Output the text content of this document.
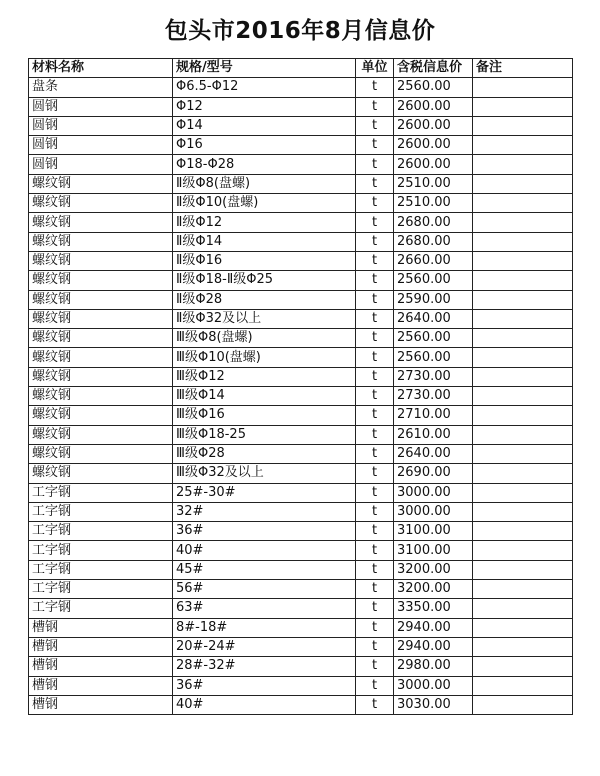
包头市2016年8月信息价
材料名称	规格/型号	单位	含税信息价	备注
盘条	Φ6.5-Φ12	t	2560.00	
圆钢	Φ12	t	2600.00	
圆钢	Φ14	t	2600.00	
圆钢	Φ16	t	2600.00	
圆钢	Φ18-Φ28	t	2600.00	
螺纹钢	Ⅱ级Φ8(盘螺)	t	2510.00	
螺纹钢	Ⅱ级Φ10(盘螺)	t	2510.00	
螺纹钢	Ⅱ级Φ12	t	2680.00	
螺纹钢	Ⅱ级Φ14	t	2680.00	
螺纹钢	Ⅱ级Φ16	t	2660.00	
螺纹钢	Ⅱ级Φ18-Ⅱ级Φ25	t	2560.00	
螺纹钢	Ⅱ级Φ28	t	2590.00	
螺纹钢	Ⅱ级Φ32及以上	t	2640.00	
螺纹钢	Ⅲ级Φ8(盘螺)	t	2560.00	
螺纹钢	Ⅲ级Φ10(盘螺)	t	2560.00	
螺纹钢	Ⅲ级Φ12	t	2730.00	
螺纹钢	Ⅲ级Φ14	t	2730.00	
螺纹钢	Ⅲ级Φ16	t	2710.00	
螺纹钢	Ⅲ级Φ18-25	t	2610.00	
螺纹钢	Ⅲ级Φ28	t	2640.00	
螺纹钢	Ⅲ级Φ32及以上	t	2690.00	
工字钢	25#-30#	t	3000.00	
工字钢	32#	t	3000.00	
工字钢	36#	t	3100.00	
工字钢	40#	t	3100.00	
工字钢	45#	t	3200.00	
工字钢	56#	t	3200.00	
工字钢	63#	t	3350.00	
槽钢	8#-18#	t	2940.00	
槽钢	20#-24#	t	2940.00	
槽钢	28#-32#	t	2980.00	
槽钢	36#	t	3000.00	
槽钢	40#	t	3030.00	
